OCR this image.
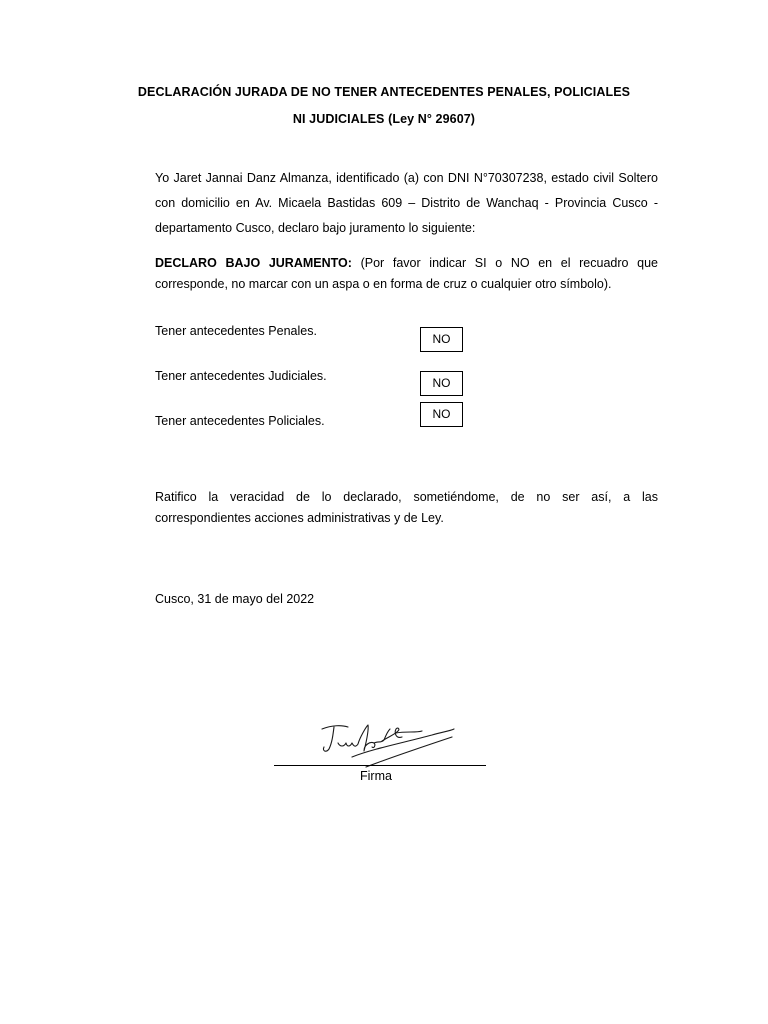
DECLARACIÓN JURADA DE NO TENER ANTECEDENTES PENALES, POLICIALES
NI JUDICIALES (Ley N° 29607)
Yo Jaret Jannai Danz Almanza, identificado (a) con DNI N°70307238, estado civil Soltero
con domicilio en Av. Micaela Bastidas 609 – Distrito de Wanchaq - Provincia Cusco -
departamento Cusco, declaro bajo juramento lo siguiente:
DECLARO BAJO JURAMENTO: (Por favor indicar SI o NO en el recuadro que
corresponde, no marcar con un aspa o en forma de cruz o cualquier otro símbolo).
Tener antecedentes Penales.
NO
Tener antecedentes Judiciales.	NO
Tener antecedentes Policiales.	NO
Ratifico la veracidad de lo declarado, sometiéndome, de no ser así, a las
correspondientes acciones administrativas y de Ley.
Cusco, 31 de mayo del 2022
Firma
